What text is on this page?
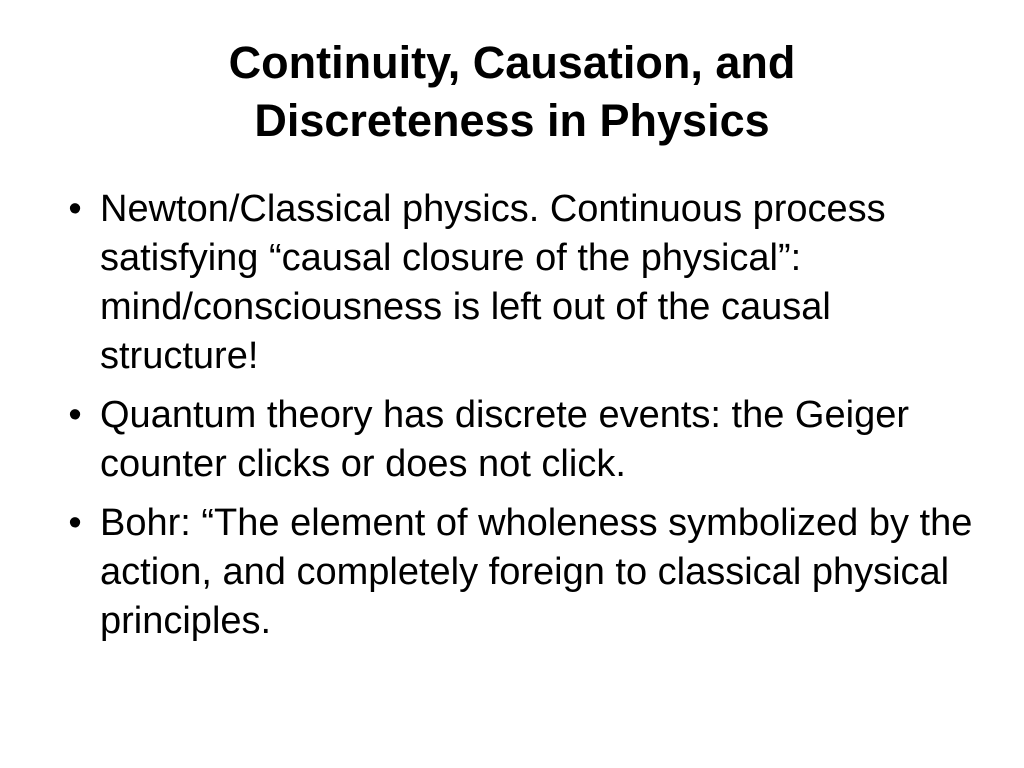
Continuity, Causation, and
Discreteness in Physics
• Newton/Classical physics. Continuous process satisfying “causal closure of the physical”: mind/consciousness is left out of the causal structure!
• Quantum theory has discrete events: the Geiger counter clicks or does not click.
• Bohr: “The element of wholeness symbolized by the action, and completely foreign to classical physical principles.
